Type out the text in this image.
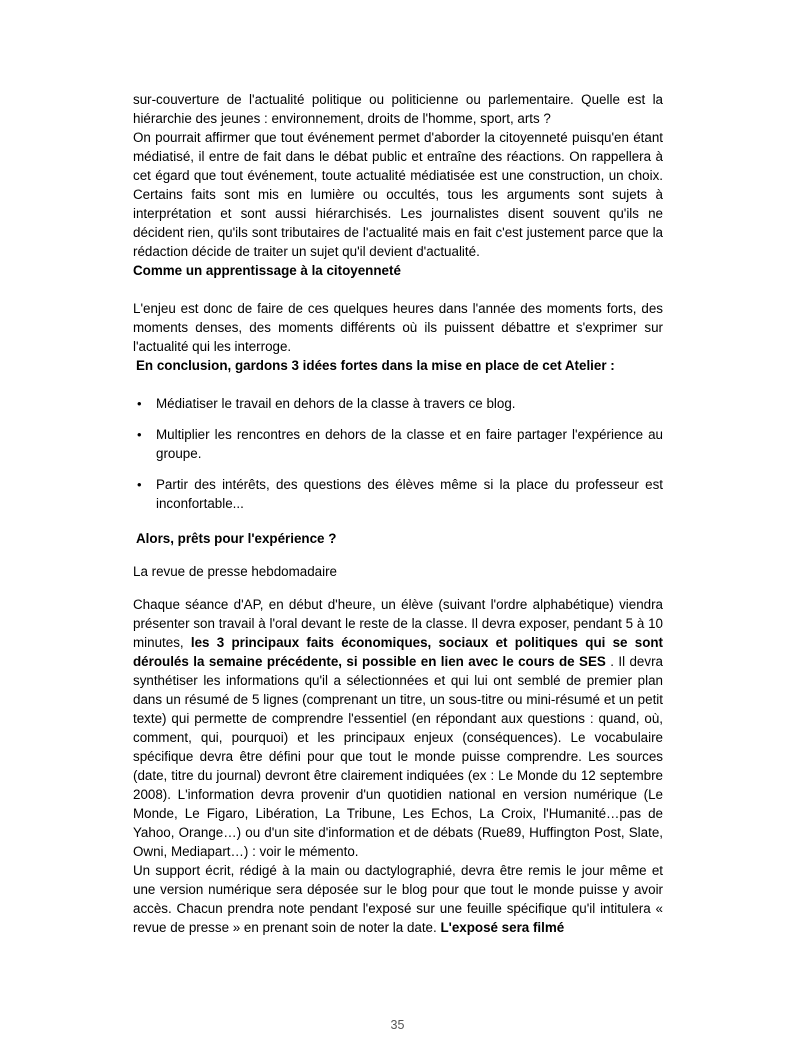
sur-couverture de l'actualité politique ou politicienne ou parlementaire. Quelle est la hiérarchie des jeunes : environnement, droits de l'homme, sport, arts ?

On pourrait affirmer que tout événement permet d'aborder la citoyenneté puisqu'en étant médiatisé, il entre de fait dans le débat public et entraîne des réactions. On rappellera à cet égard que tout événement, toute actualité médiatisée est une construction, un choix. Certains faits sont mis en lumière ou occultés, tous les arguments sont sujets à interprétation et sont aussi hiérarchisés. Les journalistes disent souvent qu'ils ne décident rien, qu'ils sont tributaires de l'actualité mais en fait c'est justement parce que la rédaction décide de traiter un sujet qu'il devient d'actualité.

Comme un apprentissage à la citoyenneté

L'enjeu est donc de faire de ces quelques heures dans l'année des moments forts, des moments denses, des moments différents où ils puissent débattre et s'exprimer sur l'actualité qui les interroge.

En conclusion, gardons 3 idées fortes dans la mise en place de cet Atelier :

•	Médiatiser le travail en dehors de la classe à travers ce blog.
•	Multiplier les rencontres en dehors de la classe et en faire partager l'expérience au groupe.
•	Partir des intérêts, des questions des élèves même si la place du professeur est inconfortable...

Alors, prêts pour l'expérience ?

La revue de presse hebdomadaire

Chaque séance d'AP, en début d'heure, un élève (suivant l'ordre alphabétique) viendra présenter son travail à l'oral devant le reste de la classe. Il devra exposer, pendant 5 à 10 minutes, les 3 principaux faits économiques, sociaux et politiques qui se sont déroulés la semaine précédente, si possible en lien avec le cours de SES . Il devra synthétiser les informations qu'il a sélectionnées et qui lui ont semblé de premier plan dans un résumé de 5 lignes (comprenant un titre, un sous-titre ou mini-résumé et un petit texte) qui permette de comprendre l'essentiel (en répondant aux questions : quand, où, comment, qui, pourquoi) et les principaux enjeux (conséquences). Le vocabulaire spécifique devra être défini pour que tout le monde puisse comprendre. Les sources (date, titre du journal) devront être clairement indiquées (ex : Le Monde du 12 septembre 2008). L'information devra provenir d'un quotidien national en version numérique (Le Monde, Le Figaro, Libération, La Tribune, Les Echos, La Croix, l'Humanité…pas de Yahoo, Orange…) ou d'un site d'information et de débats (Rue89, Huffington Post, Slate, Owni, Mediapart…) : voir le mémento.

Un support écrit, rédigé à la main ou dactylographié, devra être remis le jour même et une version numérique sera déposée sur le blog pour que tout le monde puisse y avoir accès. Chacun prendra note pendant l'exposé sur une feuille spécifique qu'il intitulera « revue de presse » en prenant soin de noter la date. L'exposé sera filmé

35
